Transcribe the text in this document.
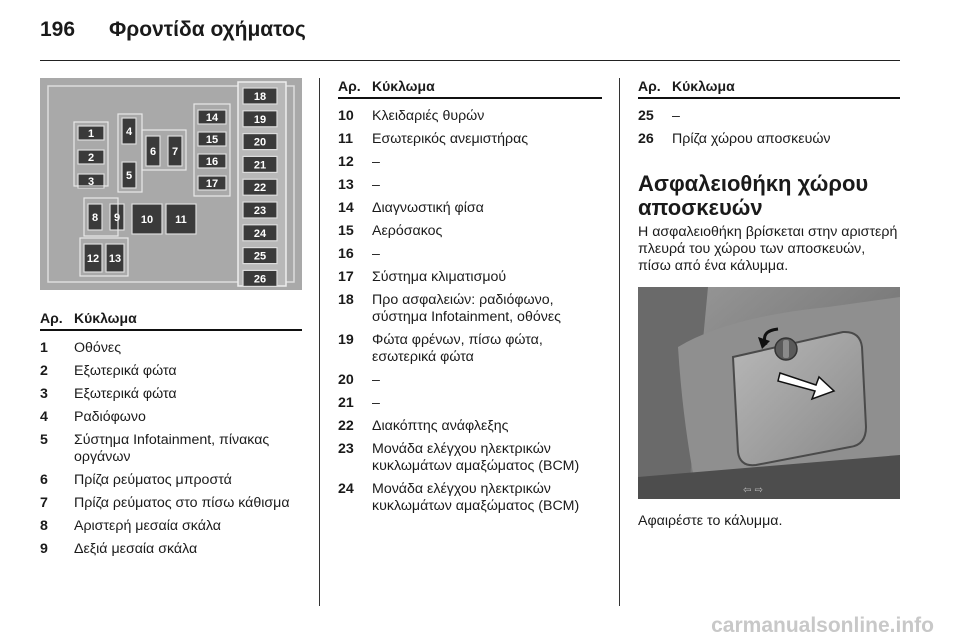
196 Φροντίδα οχήματος
1
2
3
4
5
6 7
8 9 10 11
12 13
14
15
16
17
18
19
20
21
22
23
24
25
26
Αρ. Κύκλωμα
1	Οθόνες
2	Εξωτερικά φώτα
3	Εξωτερικά φώτα
4	Ραδιόφωνο
5	Σύστημα Infotainment, πίνακας οργάνων
6	Πρίζα ρεύματος μπροστά
7	Πρίζα ρεύματος στο πίσω κάθισμα
8	Αριστερή μεσαία σκάλα
9	Δεξιά μεσαία σκάλα
Αρ. Κύκλωμα
10	Κλειδαριές θυρών
11	Εσωτερικός ανεμιστήρας
12	–
13	–
14	Διαγνωστική φίσα
15	Αερόσακος
16	–
17	Σύστημα κλιματισμού
18	Προ ασφαλειών: ραδιόφωνο, σύστημα Infotainment, οθόνες
19	Φώτα φρένων, πίσω φώτα, εσωτερικά φώτα
20	–
21	–
22	Διακόπτης ανάφλεξης
23	Μονάδα ελέγχου ηλεκτρικών κυκλωμάτων αμαξώματος (BCM)
24	Μονάδα ελέγχου ηλεκτρικών κυκλωμάτων αμαξώματος (BCM)
Αρ. Κύκλωμα
25	–
26	Πρίζα χώρου αποσκευών
Ασφαλειοθήκη χώρου αποσκευών
Η ασφαλειοθήκη βρίσκεται στην αριστερή πλευρά του χώρου των αποσκευών, πίσω από ένα κάλυμμα.
⇦ ⇨
Αφαιρέστε το κάλυμμα.
carmanualsonline.info
